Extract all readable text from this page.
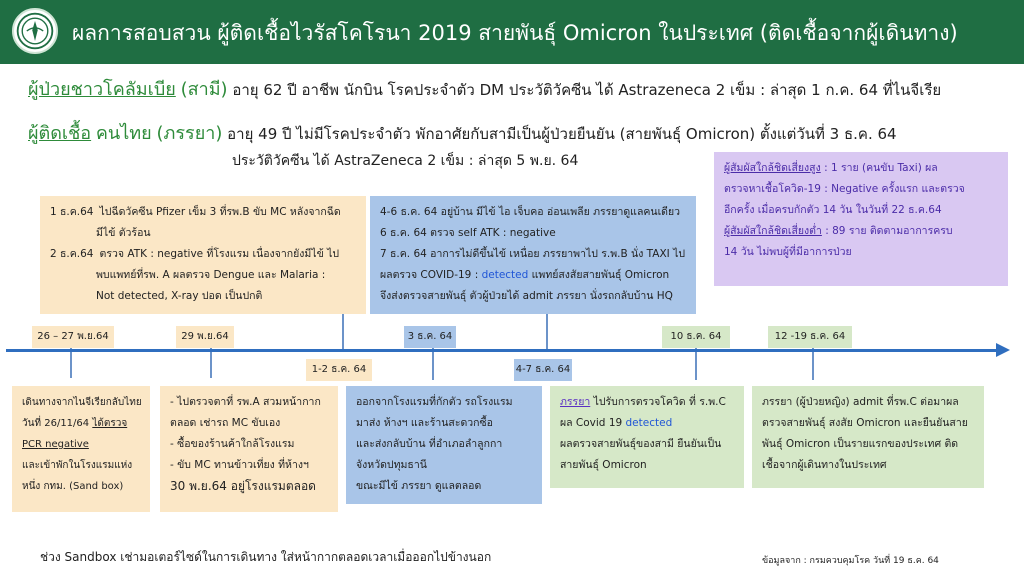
ผลการสอบสวน ผู้ติดเชื้อไวรัสโคโรนา 2019 สายพันธุ์ Omicron ในประเทศ (ติดเชื้อจากผู้เดินทาง)
ผู้ป่วยชาวโคลัมเบีย (สามี) อายุ 62 ปี อาชีพ นักบิน โรคประจำตัว DM ประวัติวัคซีน ได้ Astrazeneca 2 เข็ม : ล่าสุด 1 ก.ค. 64 ที่ไนจีเรีย
ผู้ติดเชื้อ คนไทย (ภรรยา) อายุ 49 ปี ไม่มีโรคประจำตัว พักอาศัยกับสามีเป็นผู้ป่วยยืนยัน (สายพันธุ์ Omicron) ตั้งแต่วันที่ 3 ธ.ค. 64
ประวัติวัคซีน ได้ AstraZeneca 2 เข็ม : ล่าสุด 5 พ.ย. 64
1 ธ.ค.64 ไปฉีดวัคซีน Pfizer เข็ม 3 ที่รพ.B ขับ MC หลังจากฉีด
มีไข้ ตัวร้อน
2 ธ.ค.64 ตรวจ ATK : negative ที่โรงแรม เนื่องจากยังมีไข้ ไป
พบแพทย์ที่รพ. A ผลตรวจ Dengue และ Malaria :
Not detected, X-ray ปอด เป็นปกติ
4-6 ธ.ค. 64 อยู่บ้าน มีไข้ ไอ เจ็บคอ อ่อนเพลีย ภรรยาดูแลคนเดียว
6 ธ.ค. 64 ตรวจ self ATK : negative
7 ธ.ค. 64 อาการไม่ดีขึ้นไข้ เหนื่อย ภรรยาพาไป ร.พ.B นั่ง TAXI ไป
ผลตรวจ COVID-19 : detected แพทย์สงสัยสายพันธุ์ Omicron
จึงส่งตรวจสายพันธุ์ ตัวผู้ป่วยได้ admit ภรรยา นั่งรถกลับบ้าน HQ
ผู้สัมผัสใกล้ชิดเสี่ยงสูง : 1 ราย (คนขับ Taxi) ผล
ตรวจหาเชื้อโควิด-19 : Negative ครั้งแรก และตรวจ
อีกครั้ง เมื่อครบกักตัว 14 วัน ในวันที่ 22 ธ.ค.64
ผู้สัมผัสใกล้ชิดเสี่ยงต่ำ : 89 ราย ติดตามอาการครบ
14 วัน ไม่พบผู้ที่มีอาการป่วย
26 – 27 พ.ย.64	29 พ.ย.64
1-2 ธ.ค. 64
3 ธ.ค. 64
4-7 ธ.ค. 64
10 ธ.ค. 64	12 -19 ธ.ค. 64
เดินทางจากไนจีเรียกลับไทย
วันที่ 26/11/64 ได้ตรวจ
PCR negative
และเข้าพักในโรงแรมแห่ง
หนึ่ง กทม. (Sand box)
- ไปตรวจตาที่ รพ.A สวมหน้ากาก
ตลอด เช่ารถ MC ขับเอง
- ซื้อของร้านค้าใกล้โรงแรม
- ขับ MC ทานข้าวเที่ยง ที่ห้างฯ
30 พ.ย.64 อยู่โรงแรมตลอด
ออกจากโรงแรมที่กักตัว รถโรงแรม
มาส่ง ห้างฯ และร้านสะดวกซื้อ
และส่งกลับบ้าน ที่อำเภอลำลูกกา
จังหวัดปทุมธานี
ขณะมีไข้ ภรรยา ดูแลตลอด
ภรรยา ไปรับการตรวจโควิด ที่ ร.พ.C
ผล Covid 19 detected
ผลตรวจสายพันธุ์ของสามี ยืนยันเป็น
สายพันธุ์ Omicron
ภรรยา (ผู้ป่วยหญิง) admit ที่รพ.C ต่อมาผล
ตรวจสายพันธุ์ สงสัย Omicron และยืนยันสาย
พันธุ์ Omicron เป็นรายแรกของประเทศ ติด
เชื้อจากผู้เดินทางในประเทศ
ช่วง Sandbox เช่ามอเตอร์ไซด์ในการเดินทาง ใส่หน้ากากตลอดเวลาเมื่อออกไปข้างนอก	ข้อมูลจาก : กรมควบคุมโรค วันที่ 19 ธ.ค. 64
